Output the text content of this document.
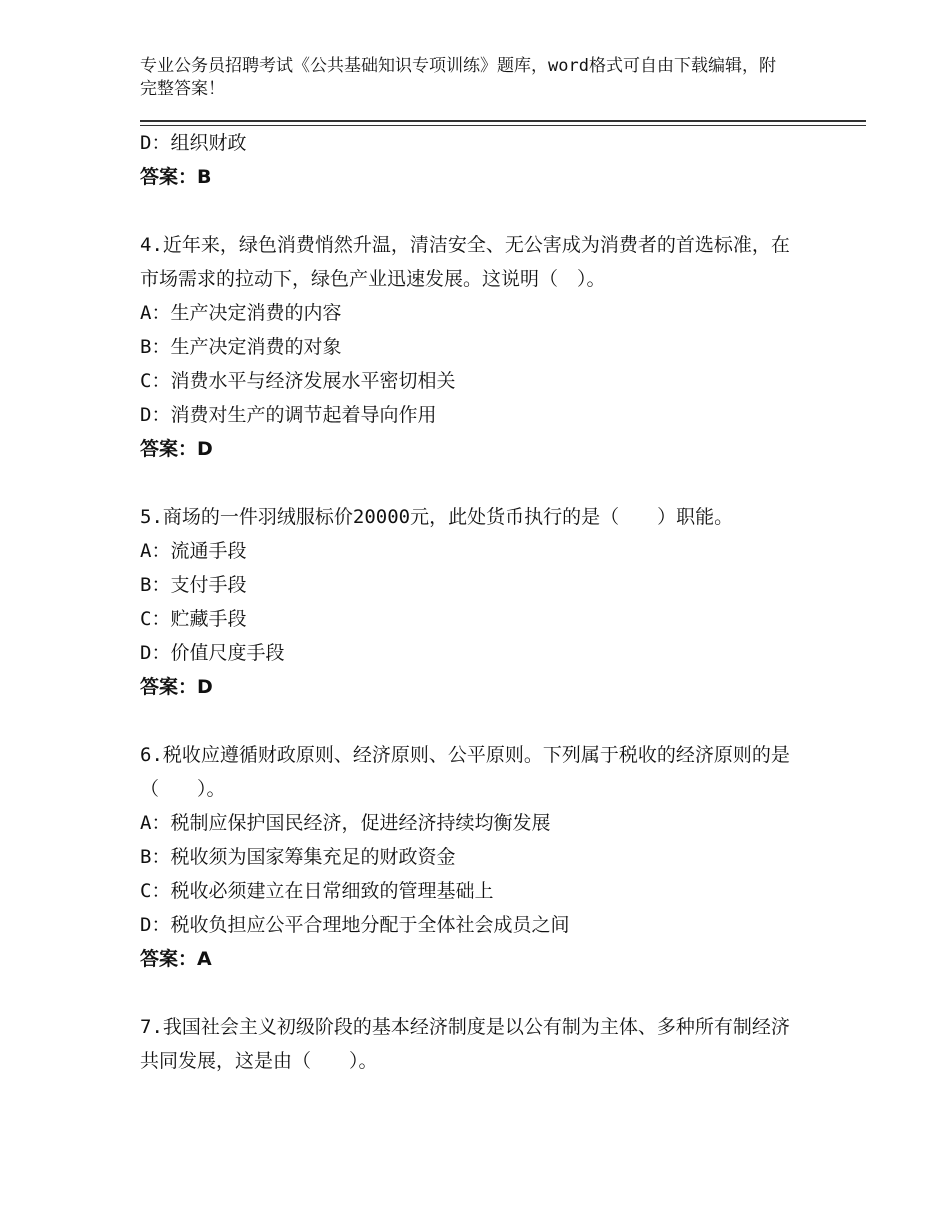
专业公务员招聘考试《公共基础知识专项训练》题库，word格式可自由下载编辑，附完整答案！
D：组织财政
答案：B
4.近年来，绿色消费悄然升温，清洁安全、无公害成为消费者的首选标准，在市场需求的拉动下，绿色产业迅速发展。这说明（　）。
A：生产决定消费的内容
B：生产决定消费的对象
C：消费水平与经济发展水平密切相关
D：消费对生产的调节起着导向作用
答案：D
5.商场的一件羽绒服标价20000元，此处货币执行的是（　　）职能。
A：流通手段
B：支付手段
C：贮藏手段
D：价值尺度手段
答案：D
6.税收应遵循财政原则、经济原则、公平原则。下列属于税收的经济原则的是（　　）。
A：税制应保护国民经济，促进经济持续均衡发展
B：税收须为国家筹集充足的财政资金
C：税收必须建立在日常细致的管理基础上
D：税收负担应公平合理地分配于全体社会成员之间
答案：A
7.我国社会主义初级阶段的基本经济制度是以公有制为主体、多种所有制经济共同发展，这是由（　　）。
